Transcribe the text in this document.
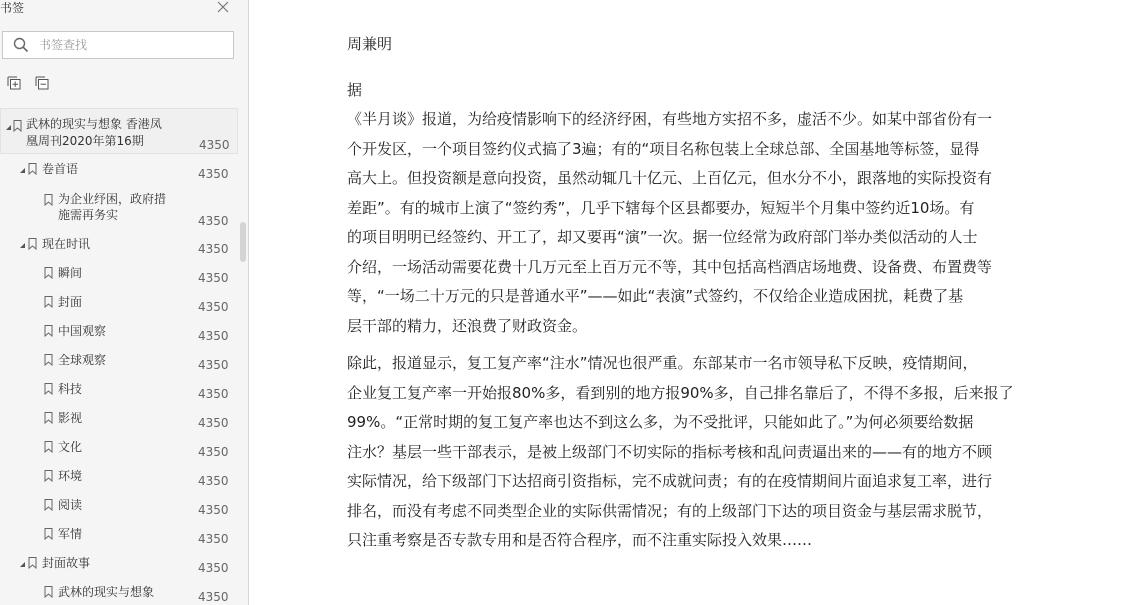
书签
书签查找
武林的现实与想象 香港凤
凰周刊2020年第16期	4350
卷首语	4350
为企业纾困，政府措
施需再务实	4350
现在时讯	4350
瞬间	4350
封面	4350
中国观察	4350
全球观察	4350
科技	4350
影视	4350
文化	4350
环境	4350
阅读	4350
军情	4350
封面故事	4350
武林的现实与想象	4350

周兼明

据

《半月谈》报道，为给疫情影响下的经济纾困，有些地方实招不多，虚活不少。如某中部省份有一

个开发区，一个项目签约仪式搞了3遍；有的“项目名称包装上全球总部、全国基地等标签，显得

高大上。但投资额是意向投资，虽然动辄几十亿元、上百亿元，但水分不小，跟落地的实际投资有

差距”。有的城市上演了“签约秀”，几乎下辖每个区县都要办，短短半个月集中签约近10场。有

的项目明明已经签约、开工了，却又要再“演”一次。据一位经常为政府部门举办类似活动的人士

介绍，一场活动需要花费十几万元至上百万元不等，其中包括高档酒店场地费、设备费、布置费等

等，“一场二十万元的只是普通水平”——如此“表演”式签约，不仅给企业造成困扰，耗费了基

层干部的精力，还浪费了财政资金。

除此，报道显示，复工复产率“注水”情况也很严重。东部某市一名市领导私下反映，疫情期间，

企业复工复产率一开始报80%多，看到别的地方报90%多，自己排名靠后了，不得不多报，后来报了

99%。“正常时期的复工复产率也达不到这么多，为不受批评，只能如此了。”为何必须要给数据

注水？基层一些干部表示，是被上级部门不切实际的指标考核和乱问责逼出来的——有的地方不顾

实际情况，给下级部门下达招商引资指标，完不成就问责；有的在疫情期间片面追求复工率，进行

排名，而没有考虑不同类型企业的实际供需情况；有的上级部门下达的项目资金与基层需求脱节，

只注重考察是否专款专用和是否符合程序，而不注重实际投入效果……
